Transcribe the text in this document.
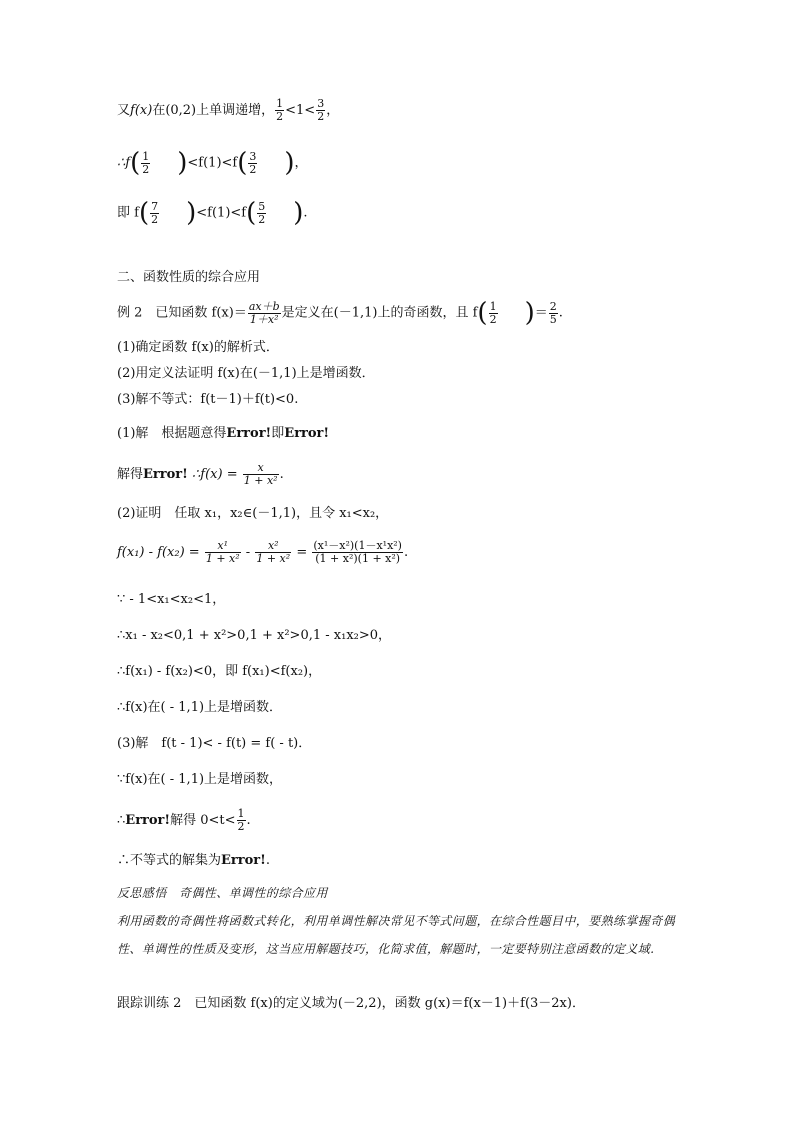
又f(x)在(0,2)上单调递增， $\frac{1}{2} <1< \frac{3}{2}$ ，
∴f( $\frac{1}{2} )<f(1)<f( \frac{3}{2}$ )，
即 $f( \frac{7}{2} )<f(1)<f( \frac{5}{2}$ ).
二、函数性质的综合应用
例 2　已知函数 $f(x)= \frac{ax+b}{\text{1＋x²}}$ 是定义在(－1,1)上的奇函数，且 $f( \frac{1}{2}$ )＝ $\frac{2}{5}$ .
(1)确定函数 f(x)的解析式．
(2)用定义法证明 f(x)在(－1,1)上是增函数．
(3)解不等式：f(t－1)＋f(t)<0.
(1)解　根据题意得Error!即Error!
解得Error! ∴f(x) = $\frac{x}{\text{1 + x²}}$ .
(2)证明　任取 x₁，x₂∈(－1,1)，且令 x₁<x₂，
$f(x_1) - f(x_2) = \frac{\text{x¹}}{\text{1 + x²}} - \frac{\text{x²}}{\text{1 + x²}} = \frac{\text{(x¹－x²)(1－x¹x²)}}{\text{(1 + x²)(1 + x²)}}$ .
∵ - 1<x₁<x₂<1，
∴x₁ - x₂<0,1 + x²>0,1 + x²>0,1 - x₁x₂>0，
∴f(x₁) - f(x₂)<0，即 f(x₁)<f(x₂)，
∴f(x)在( - 1,1)上是增函数．
(3)解　f(t - 1)< - f(t) = f( - t)．
∵f(x)在( - 1,1)上是增函数，
∴Error!解得 $0<t< \frac{1}{2}$ .
∴不等式的解集为Error!.
反思感悟　奇偶性、单调性的综合应用
利用函数的奇偶性将函数式转化，利用单调性解决常见不等式问题，在综合性题目中，要熟练掌握奇偶性、单调性的性质及变形，这当应用解题技巧，化简求值，解题时，一定要特别注意函数的定义域.
跟踪训练 2　已知函数 f(x)的定义域为(－2,2)，函数 g(x)＝f(x－1)＋f(3－2x)．
